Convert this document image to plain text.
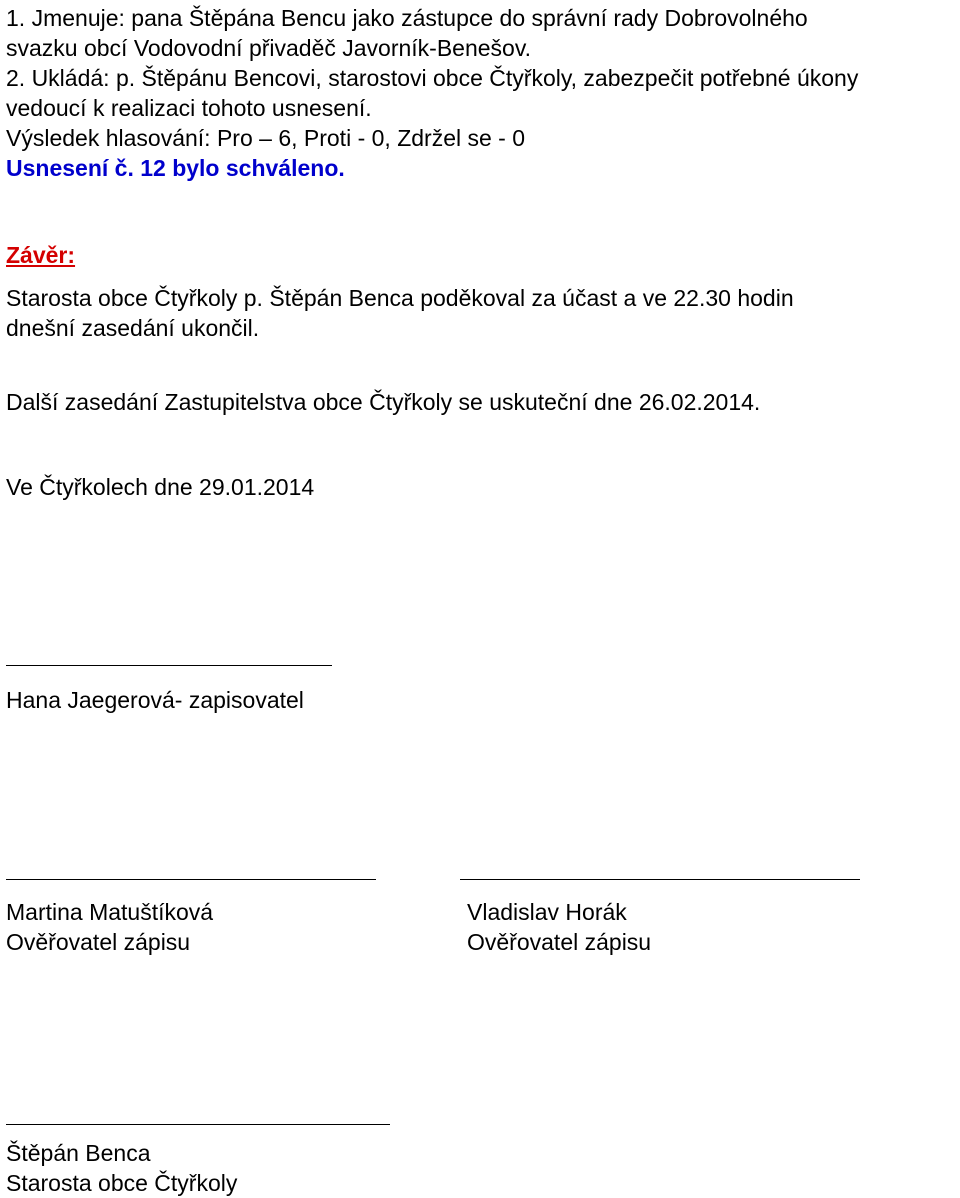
1. Jmenuje: pana Štěpána Bencu jako zástupce do správní rady Dobrovolného
svazku obcí Vodovodní přivaděč Javorník-Benešov.
2. Ukládá: p. Štěpánu Bencovi, starostovi obce Čtyřkoly, zabezpečit potřebné úkony
vedoucí k realizaci tohoto usnesení.
Výsledek hlasování: Pro – 6, Proti - 0, Zdržel se - 0
Usnesení č. 12 bylo schváleno.
Závěr:
Starosta obce Čtyřkoly p. Štěpán Benca poděkoval za účast a ve 22.30 hodin
dnešní zasedání ukončil.
Další zasedání Zastupitelstva obce Čtyřkoly se uskuteční dne 26.02.2014.
Ve Čtyřkolech dne 29.01.2014
Hana Jaegerová- zapisovatel
Martina Matuštíková
Ověřovatel zápisu
Vladislav Horák
Ověřovatel zápisu
Štěpán Benca
Starosta obce Čtyřkoly
